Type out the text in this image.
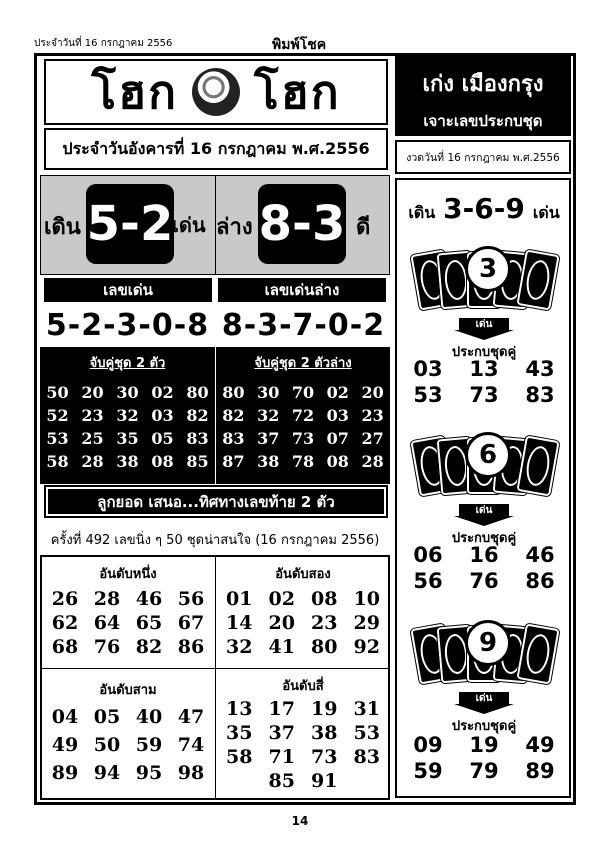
ประจำวันที่ 16 กรกฎาคม 2556	พิมพ์โชค
โฮก โฮก
ประจำวันอังคารที่ 16 กรกฎาคม พ.ศ.2556
เดิน 5-2
เด่น ล่าง 8-3 ดี
เลขเด่น	เลขเด่นล่าง
5-2-3-0-8 8-3-7-0-2
จับคู่ชุด 2 ตัว
50 20 30 02 80
52 23 32 03 82
53 25 35 05 83
58 28 38 08 85
จับคู่ชุด 2 ตัวล่าง
80 30 70 02 20
82 32 72 03 23
83 37 73 07 27
87 38 78 08 28
ลูกยอด เสนอ...ทิศทางเลขท้าย 2 ตัว
ครั้งที่ 492 เลขนิ่ง ๆ 50 ชุดน่าสนใจ (16 กรกฎาคม 2556)
อันดับหนึ่ง
26 28 46 56
62 64 65 67
68 76 82 86
อันดับสอง
01 02 08 10
14 20 23 29
32 41 80 92
อันดับสาม
04 05 40 47
49 50 59 74
89 94 95 98
อันดับสี่
13 17 19 31
35 37 38 53
58 71 73 83
85 91
เก่ง เมืองกรุง
เจาะเลขประกบชุด
งวดวันที่ 16 กรกฎาคม พ.ศ.2556
เดิน 3-6-9 เด่น
3
เด่น
ประกบชุดคู่
03	13	43
53	73	83
6
เด่น
ประกบชุดคู่
06	16	46
56	76	86
9
เด่น
ประกบชุดคู่
09	19	49
59	79	89
14
